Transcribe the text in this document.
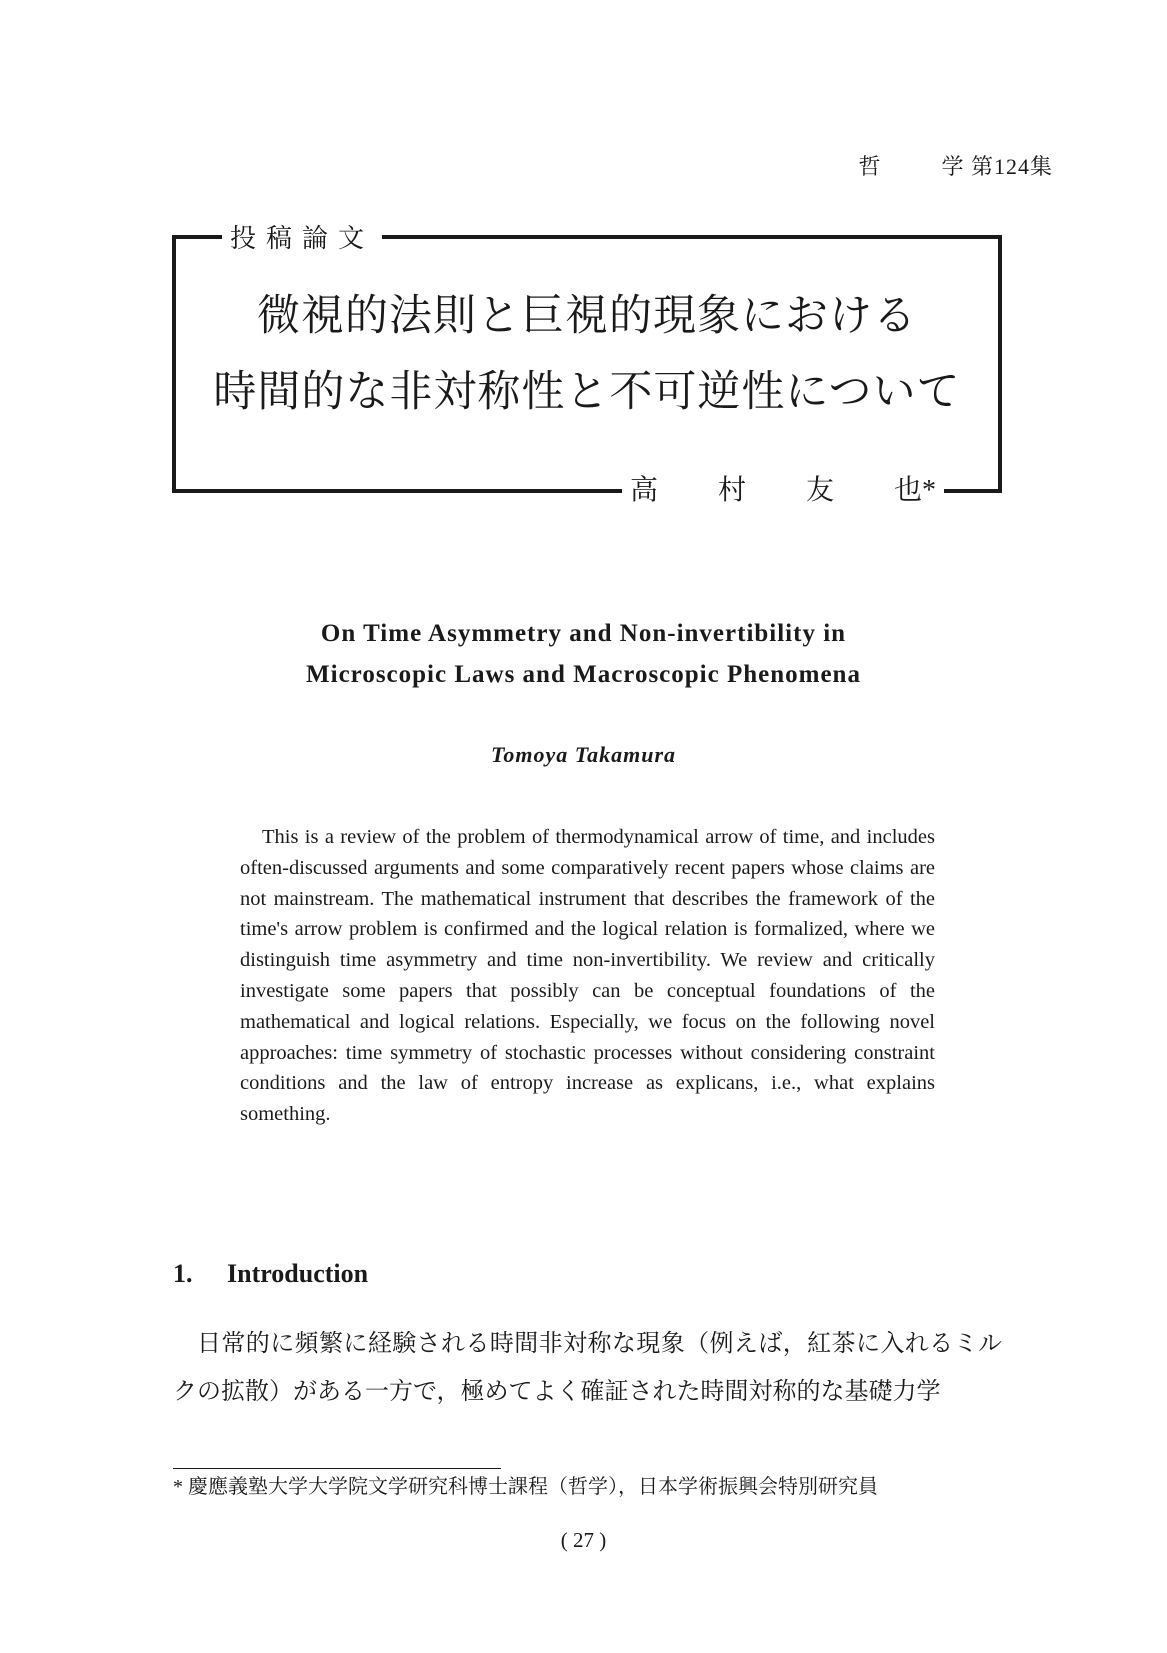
哲	学 第124集
投稿論文
微視的法則と巨視的現象における
時間的な非対称性と不可逆性について
高	村	友	也*
On Time Asymmetry and Non-invertibility in
Microscopic Laws and Macroscopic Phenomena
Tomoya Takamura
This is a review of the problem of thermodynamical arrow of time, and includes often-discussed arguments and some comparatively recent papers whose claims are not mainstream. The mathematical instrument that describes the framework of the time's arrow problem is confirmed and the logical relation is formalized, where we distinguish time asymmetry and time non-invertibility. We review and critically investigate some papers that possibly can be conceptual foundations of the mathematical and logical relations. Especially, we focus on the following novel approaches: time symmetry of stochastic processes without considering constraint conditions and the law of entropy increase as explicans, i.e., what explains something.
1. Introduction
日常的に頻繁に経験される時間非対称な現象（例えば，紅茶に入れるミルクの拡散）がある一方で，極めてよく確証された時間対称的な基礎力学
* 慶應義塾大学大学院文学研究科博士課程（哲学），日本学術振興会特別研究員
( 27 )
